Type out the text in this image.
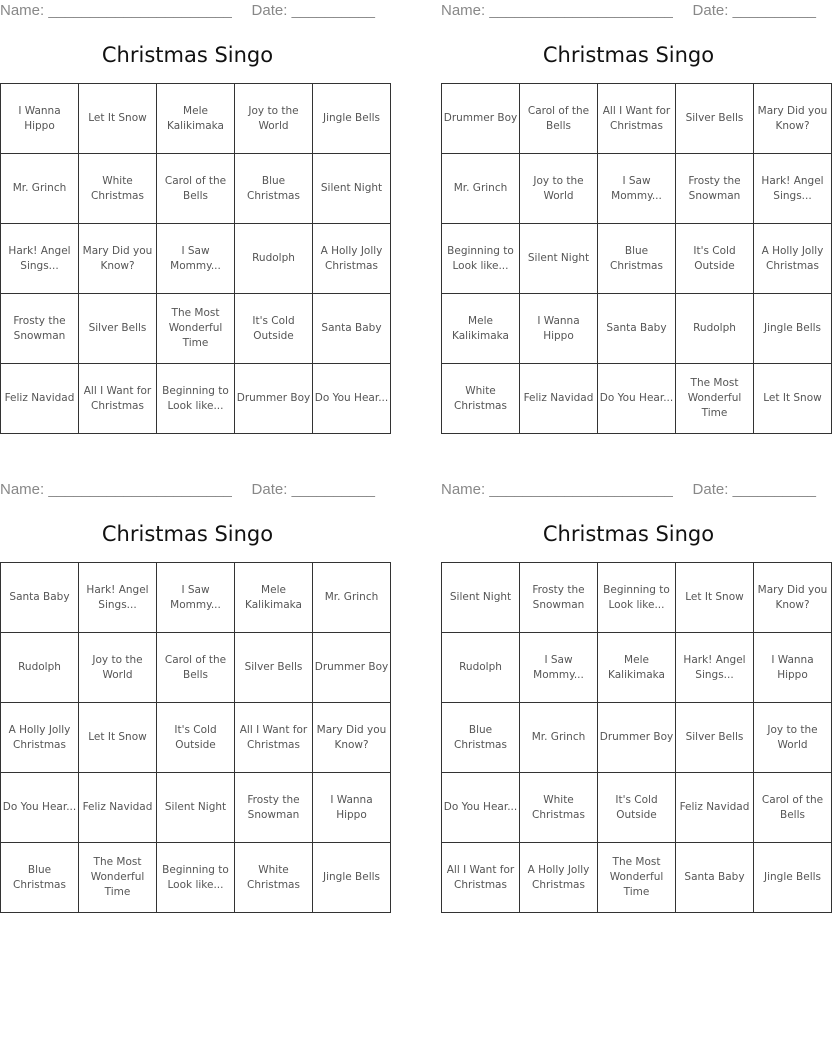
Name: ______________________ Date: __________
Christmas Singo
I Wanna Hippo	Let It Snow	Mele Kalikimaka	Joy to the World	Jingle Bells
Mr. Grinch	White Christmas	Carol of the Bells	Blue Christmas	Silent Night
Hark! Angel Sings...	Mary Did you Know?	I Saw Mommy...	Rudolph	A Holly Jolly Christmas
Frosty the Snowman	Silver Bells	The Most Wonderful Time	It's Cold Outside	Santa Baby
Feliz Navidad	All I Want for Christmas	Beginning to Look like...	Drummer Boy	Do You Hear...
Name: ______________________ Date: __________
Christmas Singo
Drummer Boy	Carol of the Bells	All I Want for Christmas	Silver Bells	Mary Did you Know?
Mr. Grinch	Joy to the World	I Saw Mommy...	Frosty the Snowman	Hark! Angel Sings...
Beginning to Look like...	Silent Night	Blue Christmas	It's Cold Outside	A Holly Jolly Christmas
Mele Kalikimaka	I Wanna Hippo	Santa Baby	Rudolph	Jingle Bells
White Christmas	Feliz Navidad	Do You Hear...	The Most Wonderful Time	Let It Snow
Name: ______________________ Date: __________
Christmas Singo
Santa Baby	Hark! Angel Sings...	I Saw Mommy...	Mele Kalikimaka	Mr. Grinch
Rudolph	Joy to the World	Carol of the Bells	Silver Bells	Drummer Boy
A Holly Jolly Christmas	Let It Snow	It's Cold Outside	All I Want for Christmas	Mary Did you Know?
Do You Hear...	Feliz Navidad	Silent Night	Frosty the Snowman	I Wanna Hippo
Blue Christmas	The Most Wonderful Time	Beginning to Look like...	White Christmas	Jingle Bells
Name: ______________________ Date: __________
Christmas Singo
Silent Night	Frosty the Snowman	Beginning to Look like...	Let It Snow	Mary Did you Know?
Rudolph	I Saw Mommy...	Mele Kalikimaka	Hark! Angel Sings...	I Wanna Hippo
Blue Christmas	Mr. Grinch	Drummer Boy	Silver Bells	Joy to the World
Do You Hear...	White Christmas	It's Cold Outside	Feliz Navidad	Carol of the Bells
All I Want for Christmas	A Holly Jolly Christmas	The Most Wonderful Time	Santa Baby	Jingle Bells
